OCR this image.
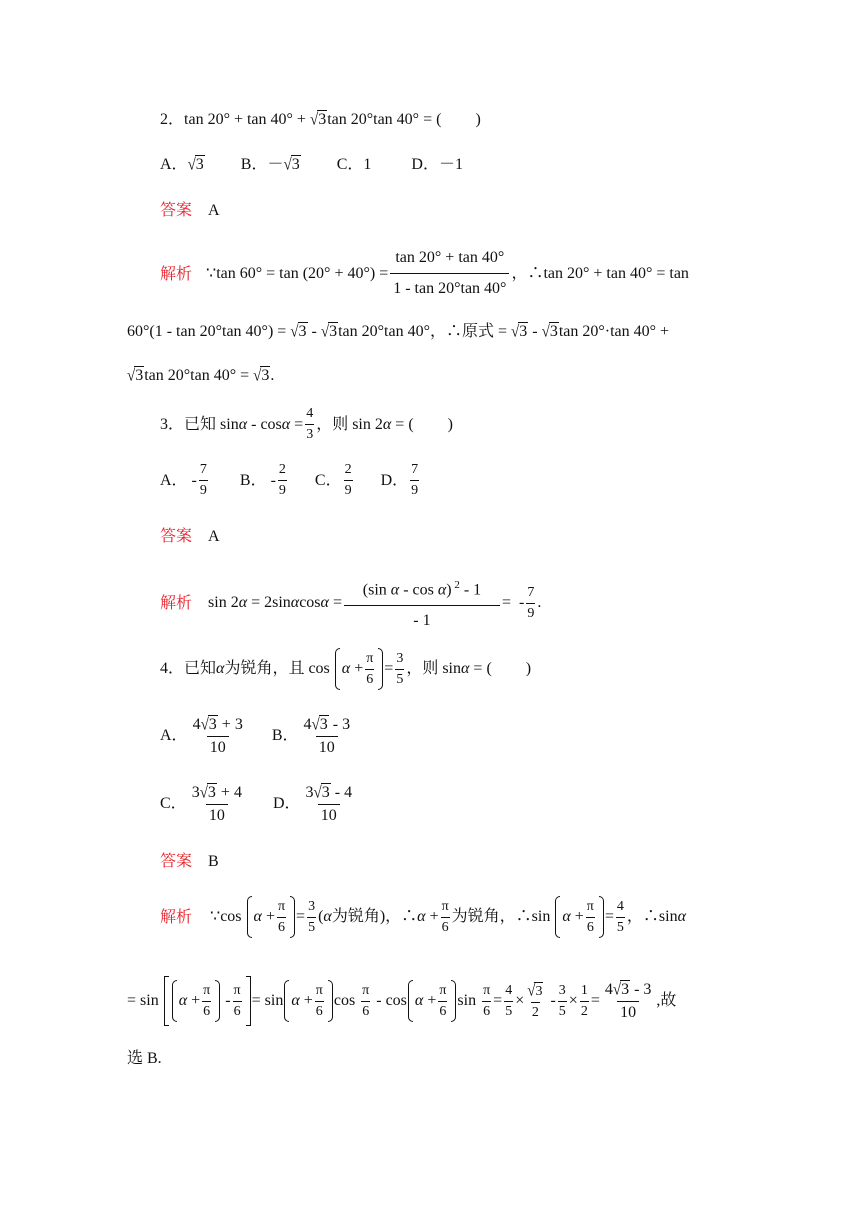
2．tan 20° + tan 40° + √3tan 20°tan 40° = ( )
A．√3 B．－√3 C．1	D．－1
答案 A
解析 ∵tan $60^\circ = \tan (20^\circ + 40^\circ) = \frac{\tan 20^\circ + \tan 40^\circ}{1 - \tan 20^\circ\tan 40^\circ}$ ，∴tan 20° + tan 40° = tan
60°(1 - tan 20°tan 40°) = √3 - √3tan 20°tan 40°，∴原式 = √3 - √3tan 20°·tan 40° +
√3tan 20°tan 40° = √3.
3． 已知 $\sin \alpha - \cos \alpha = \frac{4}{3}$ ，则 sin 2 α = ( )
A． - $\frac{7}{9}$ B． - $\frac{2}{9}$ C． $\frac{2}{9}$ D． $\frac{7}{9}$
答案 A
解析 sin 2 α = 2sin α $\cos \alpha = \frac{(\sin \alpha - \cos \alpha) ^2 - 1}{- 1}$ =  - $\frac{7}{9}$ .
4． 已知 α 为锐角，且 $\cos \alpha + \frac{\pi}{6} = \frac{3}{5}$ ，则 sin α = ( )
A． $\frac{4√3 + 3}{10}$ B． $\frac{4√3 - 3}{10}$
C． $\frac{3√3 + 4}{10}$ D． $\frac{3√3 - 4}{10}$
答案 B
解析 ∵cos $\alpha + \frac{\pi}{6} = \frac{3}{5}$ ( α 为锐角)，∴ $\alpha + \frac{\pi}{6}$ 为锐角，∴sin $\alpha + \frac{\pi}{6} = \frac{4}{5}$ ，∴sin α
= $\sin \alpha + \frac{\pi}{6} - \frac{\pi}{6} = \sin \alpha + \frac{\pi}{6}$ $\cos \frac{\pi}{6} - \cos \alpha + \frac{\pi}{6}$ $\sin \frac{\pi}{6} = \frac{4}{5} \times \frac{√3}{2} - \frac{3}{5} \times \frac{1}{2} = \frac{4√3 - 3}{10}$ ,故
选 B.
